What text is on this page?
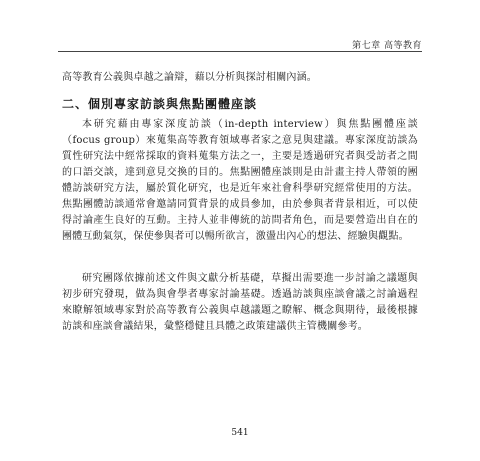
第七章 高等教育
高等教育公義與卓越之論辯，藉以分析與探討相關內涵。
二、個別專家訪談與焦點團體座談

本研究藉由專家深度訪談（in-depth interview）與焦點團體座談（focus group）來蒐集高等教育領域專者家之意見與建議。專家深度訪談為質性研究法中經常採取的資料蒐集方法之一，主要是透過研究者與受訪者之間的口語交談，達到意見交換的目的。焦點團體座談則是由計畫主持人帶領的團體訪談研究方法，屬於質化研究，也是近年來社會科學研究經常使用的方法。焦點團體訪談通常會邀請同質背景的成員參加，由於參與者背景相近，可以使得討論產生良好的互動。主持人並非傳統的訪問者角色，而是要營造出自在的團體互動氣氛，保使參與者可以暢所欲言，激盪出內心的想法、經驗與觀點。

研究團隊依據前述文件與文獻分析基礎，草擬出需要進一步討論之議題與初步研究發現，做為與會學者專家討論基礎。透過訪談與座談會議之討論過程來瞭解領域專家對於高等教育公義與卓越議題之瞭解、概念與期待，最後根據訪談和座談會議結果，彙整穩健且具體之政策建議供主管機關參考。

541
